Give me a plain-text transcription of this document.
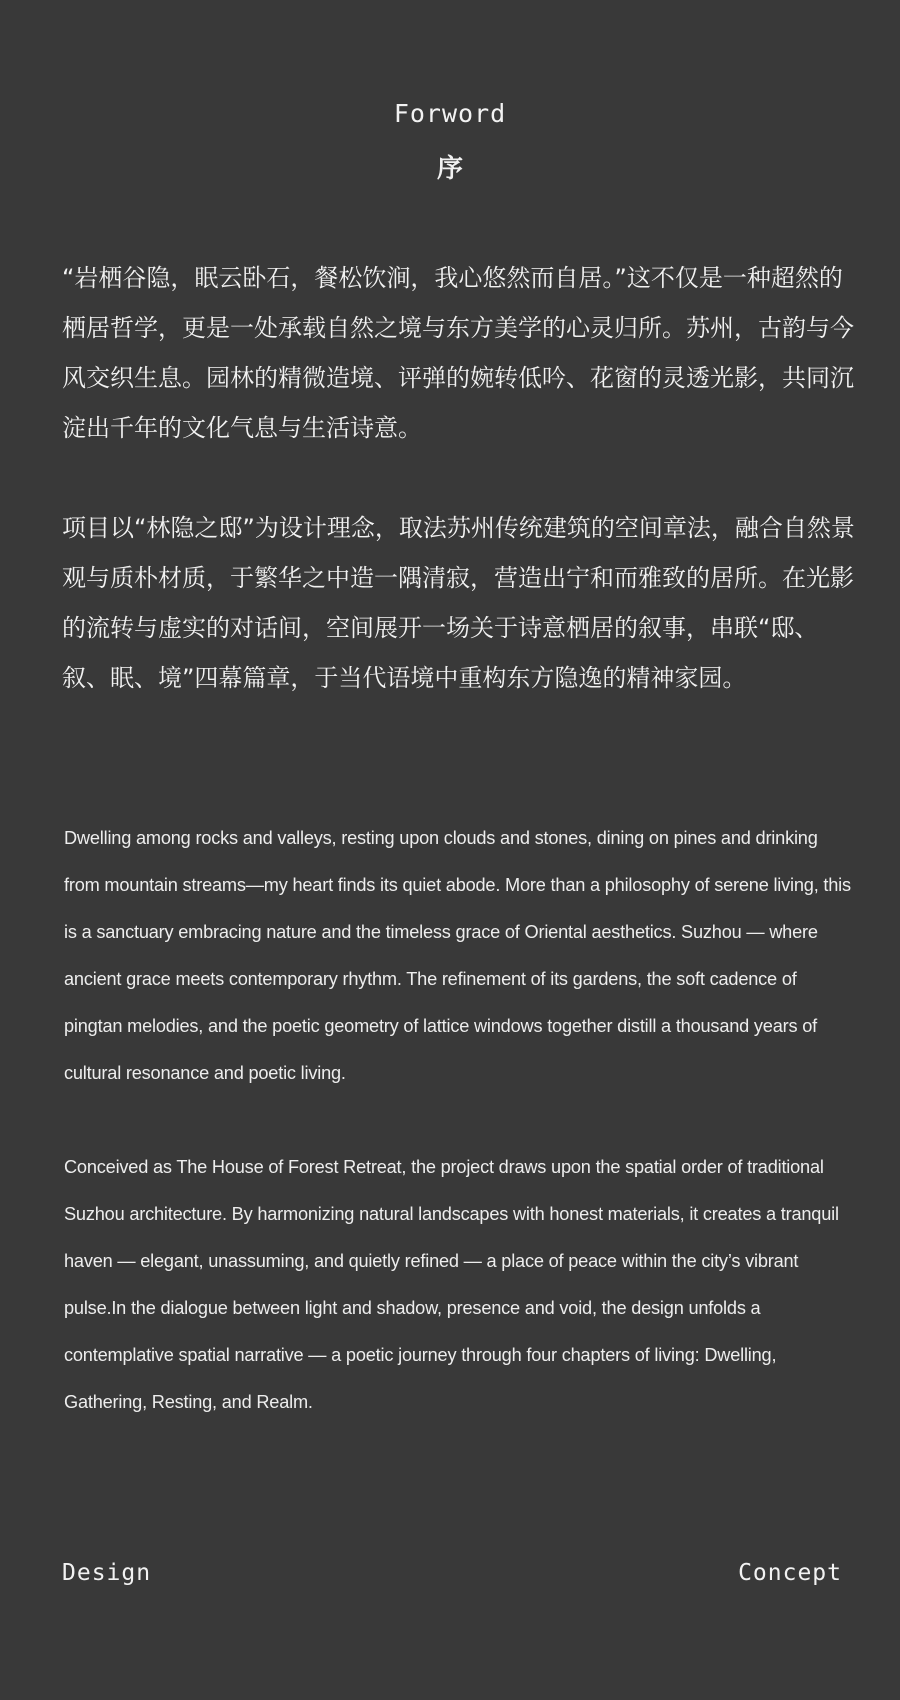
Forword
序

“岩栖谷隐，眠云卧石，餐松饮涧，我心悠然而自居。”这不仅是一种超然的栖居哲学，更是一处承载自然之境与东方美学的心灵归所。苏州，古韵与今风交织生息。园林的精微造境、评弹的婉转低吟、花窗的灵透光影，共同沉淀出千年的文化气息与生活诗意。

项目以“林隐之邸”为设计理念，取法苏州传统建筑的空间章法，融合自然景观与质朴材质，于繁华之中造一隅清寂，营造出宁和而雅致的居所。在光影的流转与虚实的对话间，空间展开一场关于诗意栖居的叙事，串联“邸、叙、眠、境”四幕篇章，于当代语境中重构东方隐逸的精神家园。

Dwelling among rocks and valleys, resting upon clouds and stones, dining on pines and drinking from mountain streams—my heart finds its quiet abode. More than a philosophy of serene living, this is a sanctuary embracing nature and the timeless grace of Oriental aesthetics. Suzhou — where ancient grace meets contemporary rhythm. The refinement of its gardens, the soft cadence of pingtan melodies, and the poetic geometry of lattice windows together distill a thousand years of cultural resonance and poetic living.

Conceived as The House of Forest Retreat, the project draws upon the spatial order of traditional Suzhou architecture. By harmonizing natural landscapes with honest materials, it creates a tranquil haven — elegant, unassuming, and quietly refined — a place of peace within the city’s vibrant pulse.In the dialogue between light and shadow, presence and void, the design unfolds a contemplative spatial narrative — a poetic journey through four chapters of living: Dwelling, Gathering, Resting, and Realm.

Design	Concept
